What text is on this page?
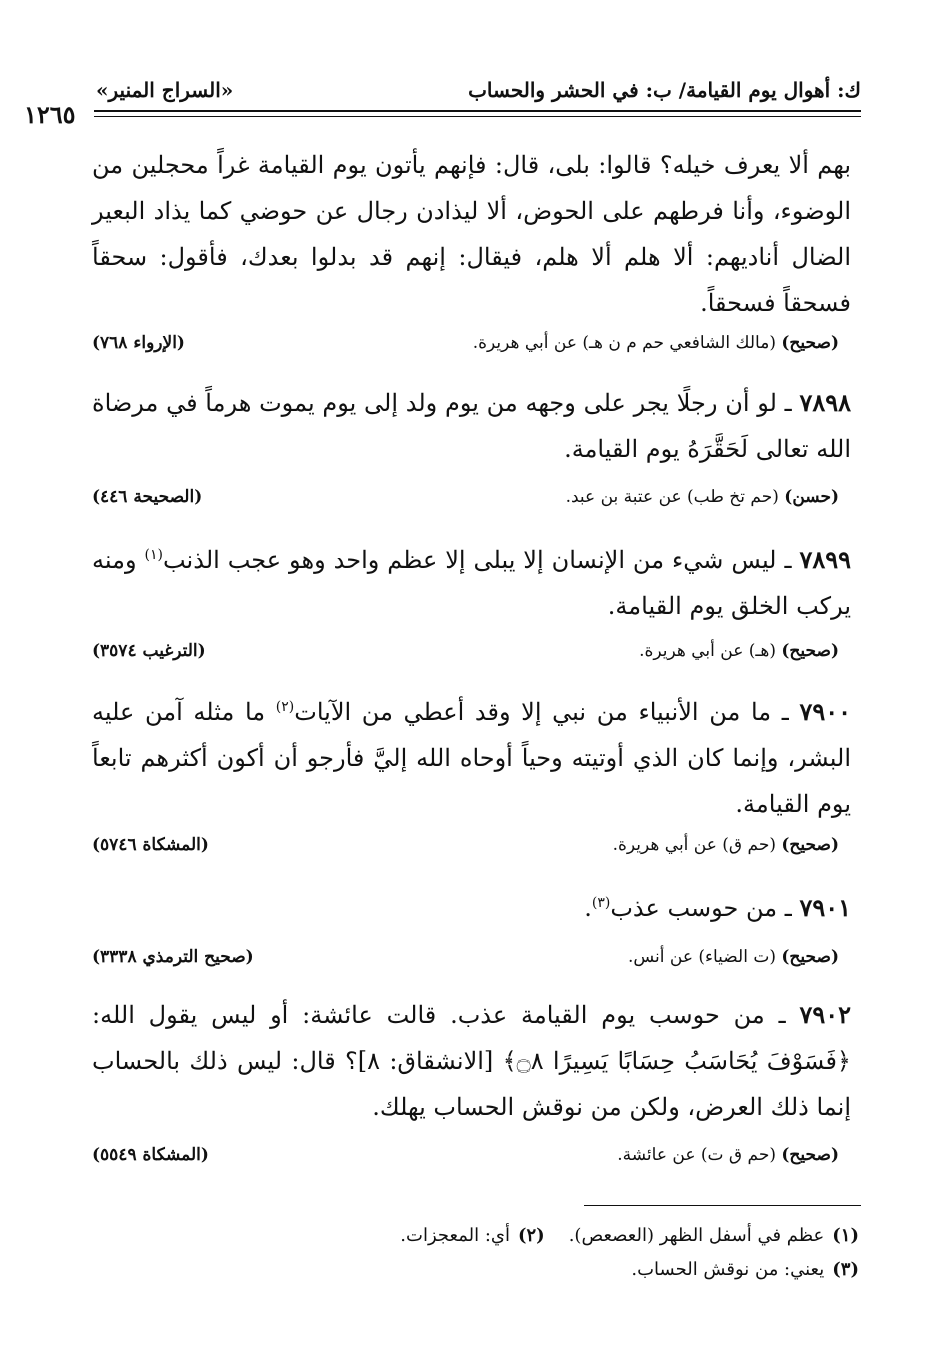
ك: أهوال يوم القيامة/ ب: في الحشر والحساب
«السراج المنير»
١٢٦٥
بهم ألا يعرف خيله؟ قالوا: بلى، قال: فإنهم يأتون يوم القيامة غراً محجلين من الوضوء، وأنا فرطهم على الحوض، ألا ليذادن رجال عن حوضي كما يذاد البعير الضال أناديهم: ألا هلم ألا هلم، فيقال: إنهم قد بدلوا بعدك، فأقول: سحقاً فسحقاً فسحقاً.
(صحيح) (مالك الشافعي حم م ن هـ) عن أبي هريرة.
(الإرواء ٧٦٨)
٧٨٩٨ ـ لو أن رجلًا يجر على وجهه من يوم ولد إلى يوم يموت هرماً في مرضاة الله تعالى لَحَقَّرَهُ يوم القيامة.
(حسن) (حم تخ طب) عن عتبة بن عبد.
(الصحيحة ٤٤٦)
٧٨٩٩ ـ ليس شيء من الإنسان إلا يبلى إلا عظم واحد وهو عجب الذنب$^{(١)}$ ومنه يركب الخلق يوم القيامة.
(صحيح) (هـ) عن أبي هريرة.
(الترغيب ٣٥٧٤)
٧٩٠٠ ـ ما من الأنبياء من نبي إلا وقد أعطي من الآيات$^{(٢)}$ ما مثله آمن عليه البشر، وإنما كان الذي أوتيته وحياً أوحاه الله إليَّ فأرجو أن أكون أكثرهم تابعاً يوم القيامة.
(صحيح) (حم ق) عن أبي هريرة.
(المشكاة ٥٧٤٦)
٧٩٠١ ـ من حوسب عذب$^{(٣)}$.
(صحيح) (ت الضياء) عن أنس.
(صحيح الترمذي ٣٣٣٨)
٧٩٠٢ ـ من حوسب يوم القيامة عذب. قالت عائشة: أو ليس يقول الله: ﴿فَسَوْفَ يُحَاسَبُ حِسَابًا يَسِيرًا ۝٨﴾ [الانشقاق: ٨]؟ قال: ليس ذلك بالحساب إنما ذلك العرض، ولكن من نوقش الحساب يهلك.
(صحيح) (حم ق ت) عن عائشة.
(المشكاة ٥٥٤٩)
(١)عظم في أسفل الظهر (العصعص).(٢)أي: المعجزات.
(٣)يعني: من نوقش الحساب.
